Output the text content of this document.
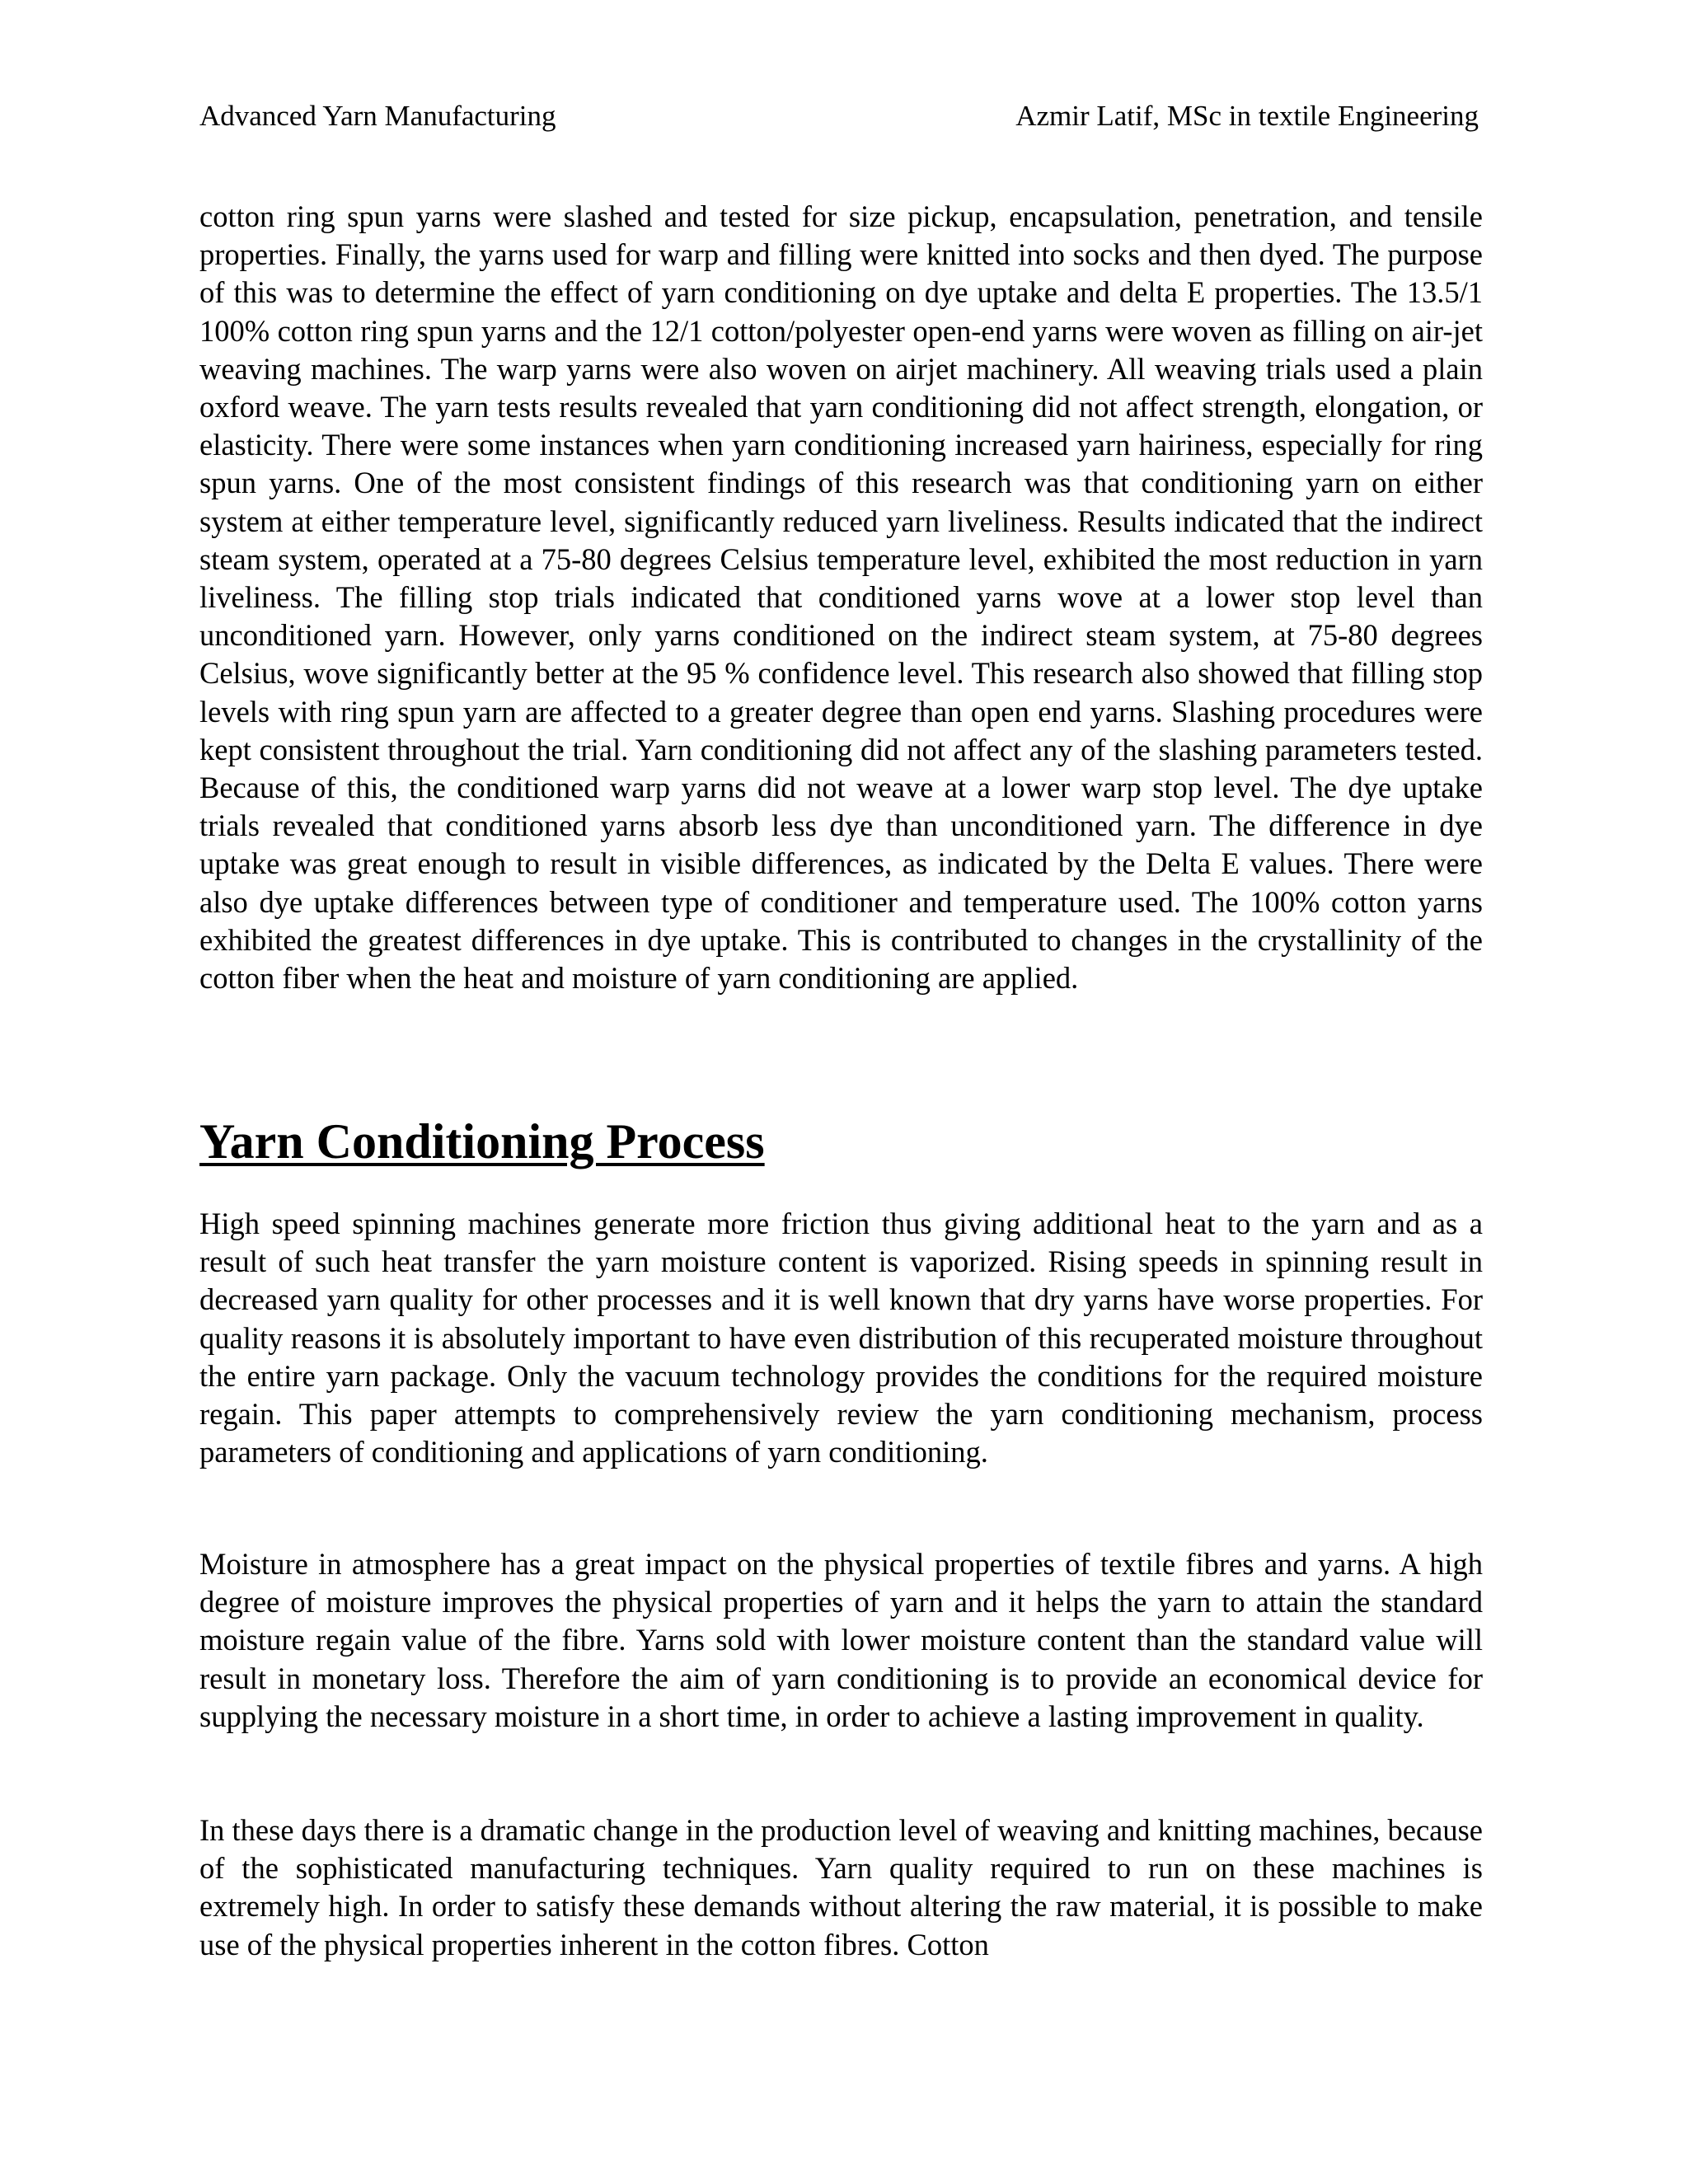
Advanced Yarn Manufacturing	Azmir Latif, MSc in textile Engineering

cotton ring spun yarns were slashed and tested for size pickup, encapsulation, penetration, and tensile properties. Finally, the yarns used for warp and filling were knitted into socks and then dyed. The purpose of this was to determine the effect of yarn conditioning on dye uptake and delta E properties. The 13.5/1 100% cotton ring spun yarns and the 12/1 cotton/polyester open-end yarns were woven as filling on air-jet weaving machines. The warp yarns were also woven on airjet machinery. All weaving trials used a plain oxford weave. The yarn tests results revealed that yarn conditioning did not affect strength, elongation, or elasticity. There were some instances when yarn conditioning increased yarn hairiness, especially for ring spun yarns. One of the most consistent findings of this research was that conditioning yarn on either system at either temperature level, significantly reduced yarn liveliness. Results indicated that the indirect steam system, operated at a 75-80 degrees Celsius temperature level, exhibited the most reduction in yarn liveliness. The filling stop trials indicated that conditioned yarns wove at a lower stop level than unconditioned yarn. However, only yarns conditioned on the indirect steam system, at 75-80 degrees Celsius, wove significantly better at the 95 % confidence level. This research also showed that filling stop levels with ring spun yarn are affected to a greater degree than open end yarns. Slashing procedures were kept consistent throughout the trial. Yarn conditioning did not affect any of the slashing parameters tested. Because of this, the conditioned warp yarns did not weave at a lower warp stop level. The dye uptake trials revealed that conditioned yarns absorb less dye than unconditioned yarn. The difference in dye uptake was great enough to result in visible differences, as indicated by the Delta E values. There were also dye uptake differences between type of conditioner and temperature used. The 100% cotton yarns exhibited the greatest differences in dye uptake. This is contributed to changes in the crystallinity of the cotton fiber when the heat and moisture of yarn conditioning are applied.

Yarn Conditioning Process

High speed spinning machines generate more friction thus giving additional heat to the yarn and as a result of such heat transfer the yarn moisture content is vaporized. Rising speeds in spinning result in decreased yarn quality for other processes and it is well known that dry yarns have worse properties. For quality reasons it is absolutely important to have even distribution of this recuperated moisture throughout the entire yarn package. Only the vacuum technology provides the conditions for the required moisture regain. This paper attempts to comprehensively review the yarn conditioning mechanism, process parameters of conditioning and applications of yarn conditioning.

Moisture in atmosphere has a great impact on the physical properties of textile fibres and yarns. A high degree of moisture improves the physical properties of yarn and it helps the yarn to attain the standard moisture regain value of the fibre. Yarns sold with lower moisture content than the standard value will result in monetary loss. Therefore the aim of yarn conditioning is to provide an economical device for supplying the necessary moisture in a short time, in order to achieve a lasting improvement in quality.

In these days there is a dramatic change in the production level of weaving and knitting machines, because of the sophisticated manufacturing techniques. Yarn quality required to run on these machines is extremely high. In order to satisfy these demands without altering the raw material, it is possible to make use of the physical properties inherent in the cotton fibres. Cotton
